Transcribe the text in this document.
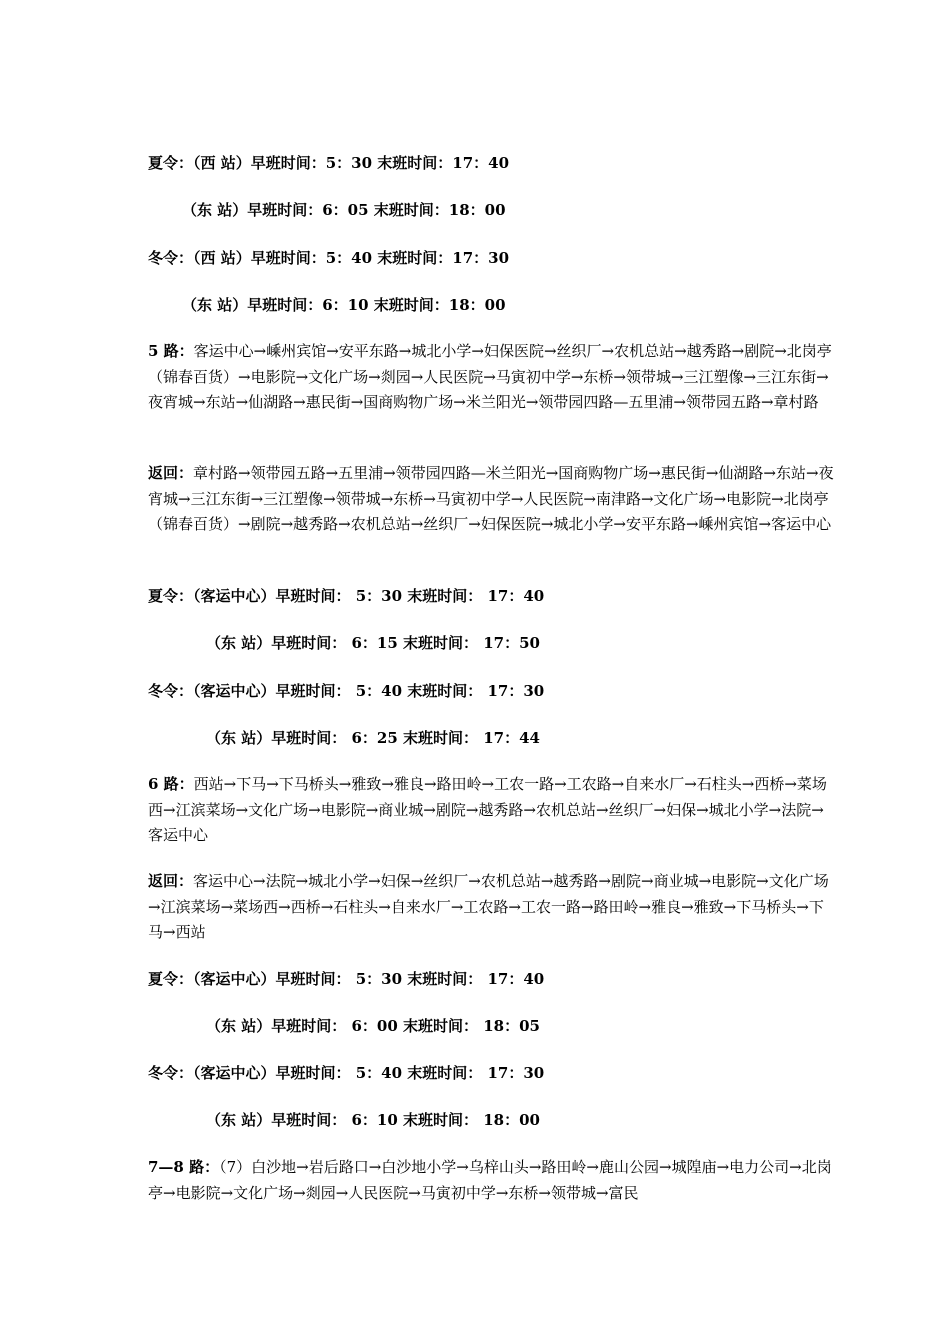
夏令：（西 站）早班时间：5：30 末班时间：17：40
（东 站）早班时间：6：05 末班时间：18：00
冬令：（西 站）早班时间：5：40 末班时间：17：30
（东 站）早班时间：6：10 末班时间：18：00

5 路：客运中心→嵊州宾馆→安平东路→城北小学→妇保医院→丝织厂→农机总站→越秀路→剧院→北岗亭（锦春百货）→电影院→文化广场→剡园→人民医院→马寅初中学→东桥→领带城→三江塑像→三江东街→夜宵城→东站→仙湖路→惠民街→国商购物广场→米兰阳光→领带园四路—五里浦→领带园五路→章村路

返回：章村路→领带园五路→五里浦→领带园四路—米兰阳光→国商购物广场→惠民街→仙湖路→东站→夜宵城→三江东街→三江塑像→领带城→东桥→马寅初中学→人民医院→南津路→文化广场→电影院→北岗亭（锦春百货）→剧院→越秀路→农机总站→丝织厂→妇保医院→城北小学→安平东路→嵊州宾馆→客运中心

夏令：（客运中心）早班时间： 5：30 末班时间： 17：40
（东 站）早班时间： 6：15 末班时间： 17：50
冬令：（客运中心）早班时间： 5：40 末班时间： 17：30
（东 站）早班时间： 6：25 末班时间： 17：44

6 路：西站→下马→下马桥头→雅致→雅良→路田岭→工农一路→工农路→自来水厂→石柱头→西桥→菜场西→江滨菜场→文化广场→电影院→商业城→剧院→越秀路→农机总站→丝织厂→妇保→城北小学→法院→客运中心

返回：客运中心→法院→城北小学→妇保→丝织厂→农机总站→越秀路→剧院→商业城→电影院→文化广场→江滨菜场→菜场西→西桥→石柱头→自来水厂→工农路→工农一路→路田岭→雅良→雅致→下马桥头→下马→西站

夏令：（客运中心）早班时间： 5：30 末班时间： 17：40
（东 站）早班时间： 6：00 末班时间： 18：05
冬令：（客运中心）早班时间： 5：40 末班时间： 17：30
（东 站）早班时间： 6：10 末班时间： 18：00

7—8 路：（7）白沙地→岩后路口→白沙地小学→乌梓山头→路田岭→鹿山公园→城隍庙→电力公司→北岗亭→电影院→文化广场→剡园→人民医院→马寅初中学→东桥→领带城→富民
